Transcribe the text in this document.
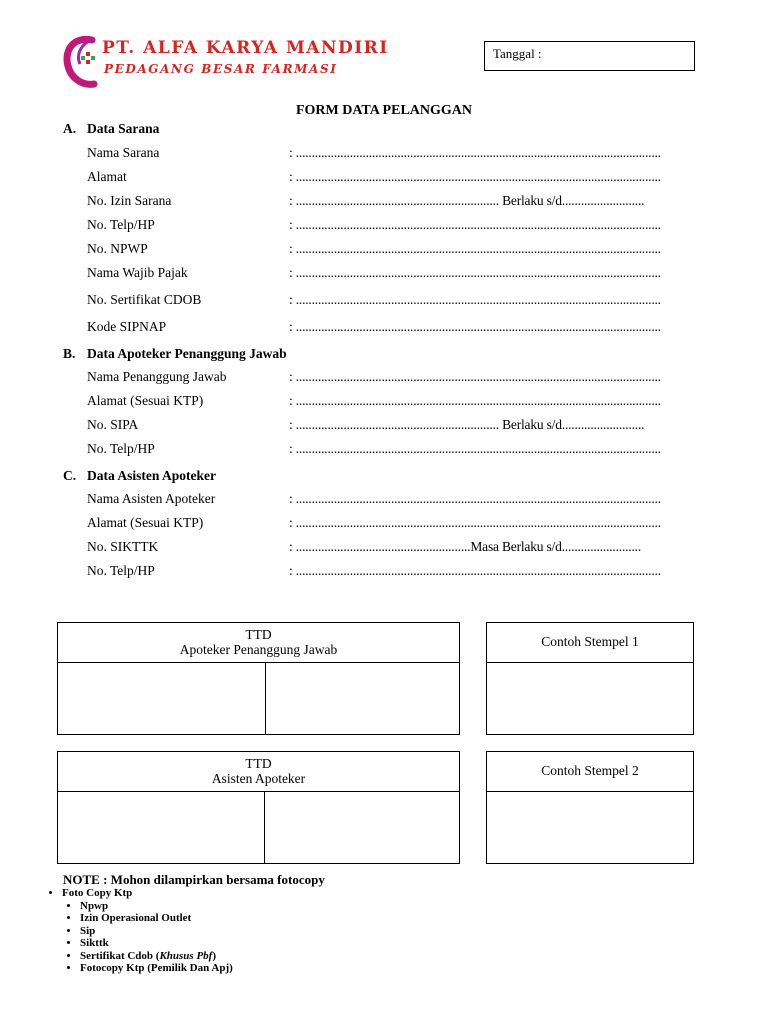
PT. ALFA KARYA MANDIRI
PEDAGANG BESAR FARMASI
Tanggal :
FORM DATA PELANGGAN
A. Data Sarana
Nama Sarana	: ...................................................................................................................
Alamat	: ...................................................................................................................
No. Izin Sarana	: ................................................................ Berlaku s/d..........................
No. Telp/HP	: ...................................................................................................................
No. NPWP	: ...................................................................................................................
Nama Wajib Pajak	: ...................................................................................................................
No. Sertifikat CDOB	: ...................................................................................................................
Kode SIPNAP	: ...................................................................................................................
B. Data Apoteker Penanggung Jawab
Nama Penanggung Jawab	: ...................................................................................................................
Alamat (Sesuai KTP)	: ...................................................................................................................
No. SIPA	: ................................................................ Berlaku s/d..........................
No. Telp/HP	: ...................................................................................................................
C. Data Asisten Apoteker
Nama Asisten Apoteker	: ...................................................................................................................
Alamat (Sesuai KTP)	: ...................................................................................................................
No. SIKTTK	: .......................................................Masa Berlaku s/d.........................
No. Telp/HP	: ...................................................................................................................
TTD
Apoteker Penanggung Jawab
Contoh Stempel 1
TTD
Asisten Apoteker
Contoh Stempel 2
NOTE : Mohon dilampirkan bersama fotocopy
• Foto Copy Ktp
• Npwp
• Izin Operasional Outlet
• Sip
• Sikttk
• Sertifikat Cdob (Khusus Pbf)
• Fotocopy Ktp (Pemilik Dan Apj)
